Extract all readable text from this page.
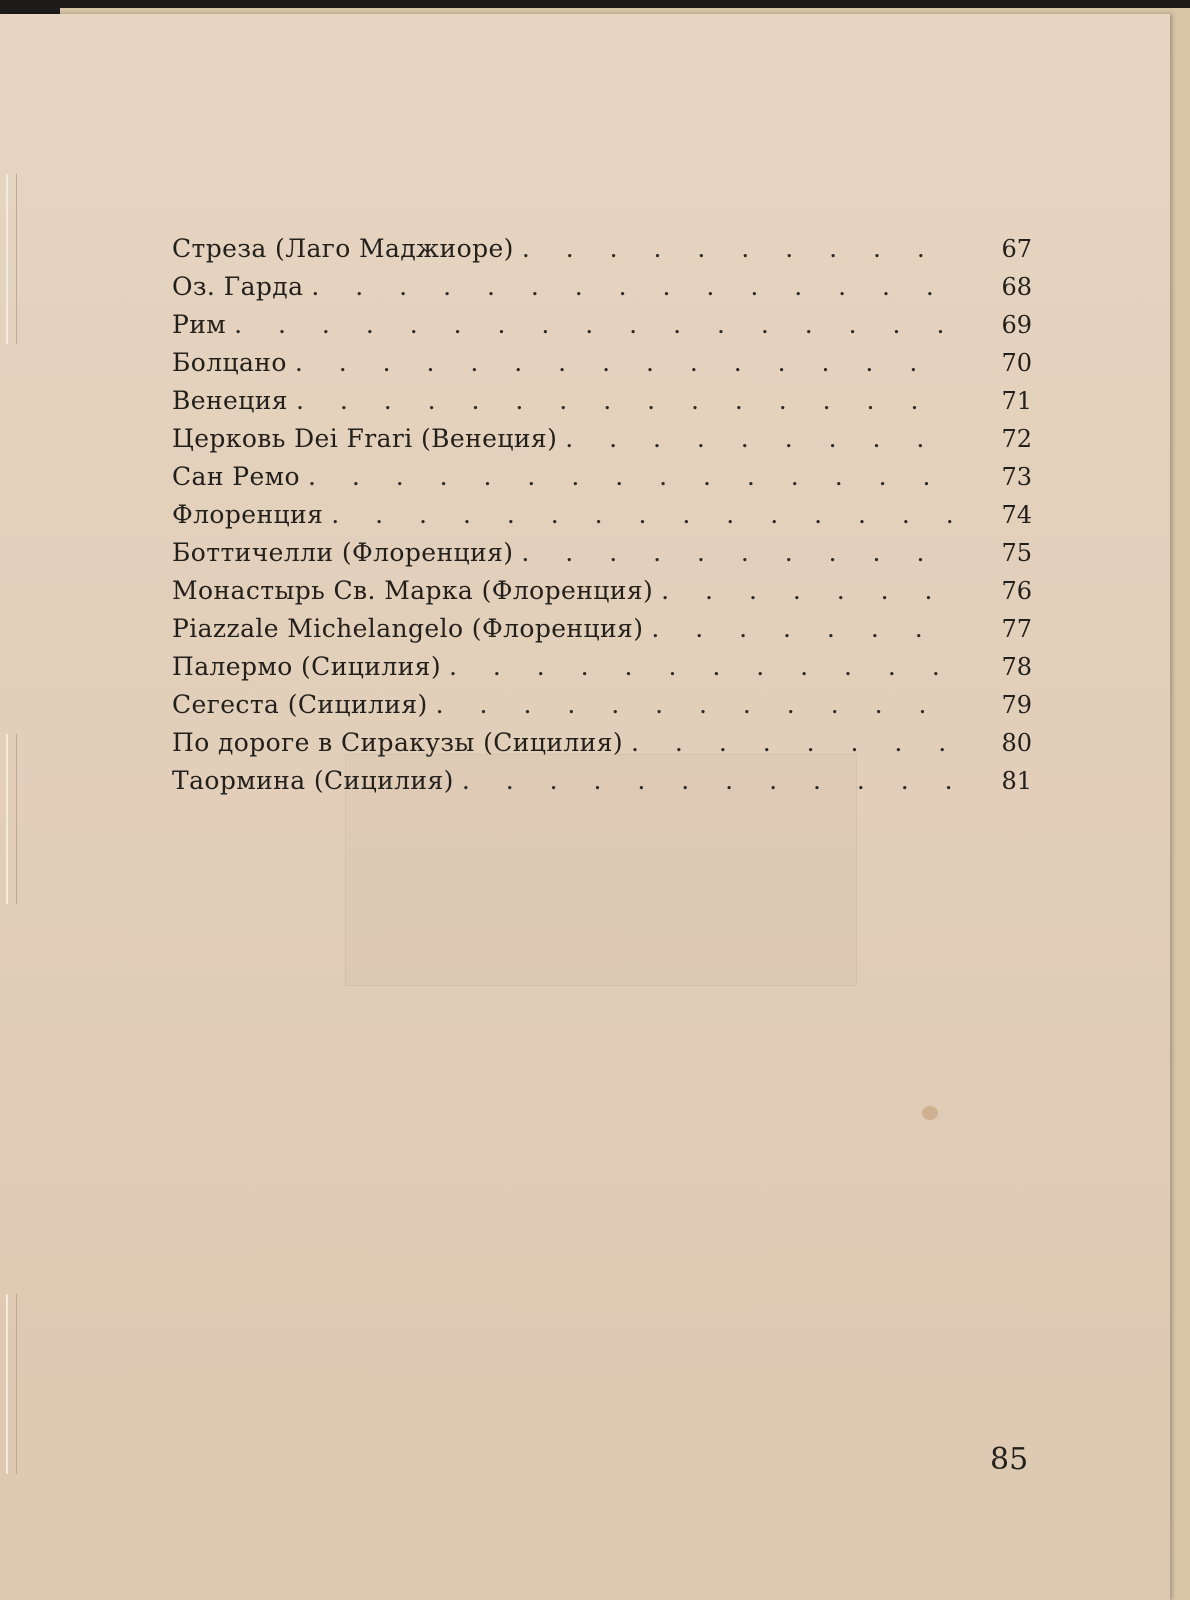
Стреза (Лаго Маджиоре) . . .	67
Оз. Гарда . . .	68
Рим . . .	69
Болцано . . .	70
Венеция . . .	71
Церковь Dei Frari (Венеция) . . .	72
Сан Ремо . . .	73
Флоренция . . .	74
Боттичелли (Флоренция) . . .	75
Монастырь Св. Марка (Флоренция) . . .	76
Piazzale Michelangelo (Флоренция) . . .	77
Палермо (Сицилия) . . .	78
Сегеста (Сицилия) . . .	79
По дороге в Сиракузы (Сицилия) . . .	80
Таормина (Сицилия) . . .	81
85
